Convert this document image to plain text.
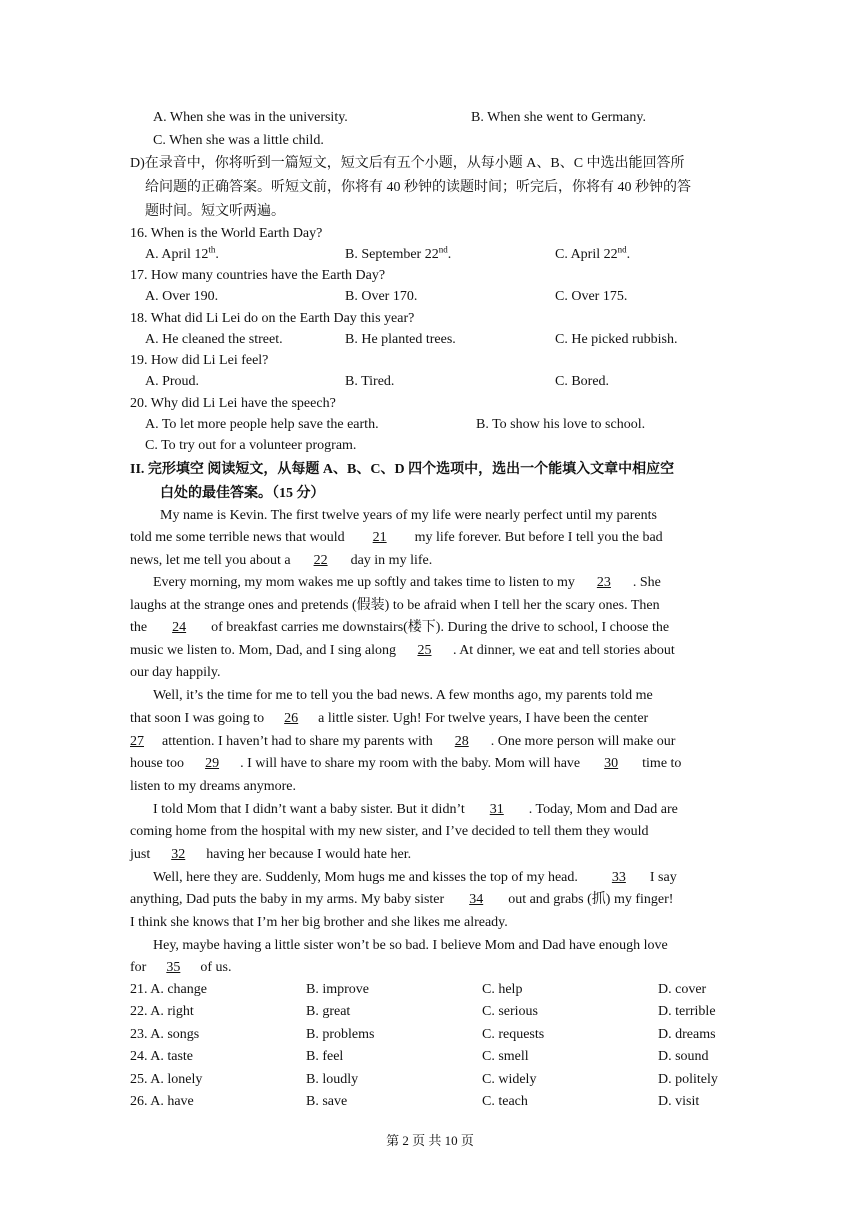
A. When she was in the university.	B. When she went to Germany.
C. When she was a little child.
D)在录音中，你将听到一篇短文，短文后有五个小题，从每小题 A、B、C 中选出能回答所
给问题的正确答案。听短文前，你将有 40 秒钟的读题时间；听完后，你将有 40 秒钟的答
题时间。短文听两遍。
16. When is the World Earth Day?
A. April 12th.	B. September 22nd.	C. April 22nd.
17. How many countries have the Earth Day?
A. Over 190.	B. Over 170.	C. Over 175.
18. What did Li Lei do on the Earth Day this year?
A. He cleaned the street.	B. He planted trees.	C. He picked rubbish.
19. How did Li Lei feel?
A. Proud.	B. Tired.	C. Bored.
20. Why did Li Lei have the speech?
A. To let more people help save the earth.	B. To show his love to school.
C. To try out for a volunteer program.
II. 完形填空 阅读短文，从每题 A、B、C、D 四个选项中，选出一个能填入文章中相应空
白处的最佳答案。（15 分）
My name is Kevin. The first twelve years of my life were nearly perfect until my parents
told me some terrible news that would 21 my life forever. But before I tell you the bad
news, let me tell you about a 22 day in my life.
Every morning, my mom wakes me up softly and takes time to listen to my 23 . She
laughs at the strange ones and pretends (假装) to be afraid when I tell her the scary ones. Then
the 24 of breakfast carries me downstairs(楼下). During the drive to school, I choose the
music we listen to. Mom, Dad, and I sing along 25 . At dinner, we eat and tell stories about
our day happily.
Well, it’s the time for me to tell you the bad news. A few months ago, my parents told me
that soon I was going to 26 a little sister. Ugh! For twelve years, I have been the center
27 attention. I haven’t had to share my parents with 28 . One more person will make our
house too 29 . I will have to share my room with the baby. Mom will have 30 time to
listen to my dreams anymore.
I told Mom that I didn’t want a baby sister. But it didn’t 31 . Today, Mom and Dad are
coming home from the hospital with my new sister, and I’ve decided to tell them they would
just 32 having her because I would hate her.
Well, here they are. Suddenly, Mom hugs me and kisses the top of my head. 33 I say
anything, Dad puts the baby in my arms. My baby sister 34 out and grabs (抓) my finger!
I think she knows that I’m her big brother and she likes me already.
Hey, maybe having a little sister won’t be so bad. I believe Mom and Dad have enough love
for 35 of us.
21. A. change	B. improve	C. help	D. cover
22. A. right	B. great	C. serious	D. terrible
23. A. songs	B. problems	C. requests	D. dreams
24. A. taste	B. feel	C. smell	D. sound
25. A. lonely	B. loudly	C. widely	D. politely
26. A. have	B. save	C. teach	D. visit
第 2 页 共 10 页
